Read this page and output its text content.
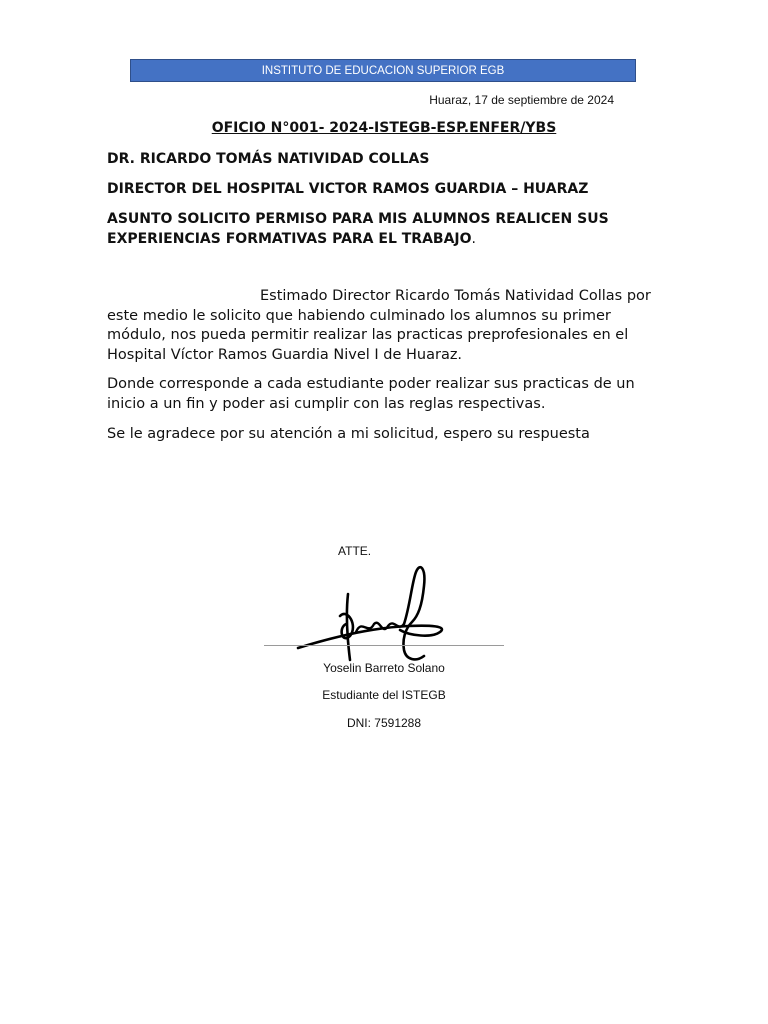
INSTITUTO DE EDUCACION SUPERIOR EGB
Huaraz, 17 de septiembre de 2024
OFICIO N°001- 2024-ISTEGB-ESP.ENFER/YBS
DR. RICARDO TOMÁS NATIVIDAD COLLAS
DIRECTOR DEL HOSPITAL VICTOR RAMOS GUARDIA – HUARAZ
ASUNTO SOLICITO PERMISO PARA MIS ALUMNOS REALICEN SUS EXPERIENCIAS FORMATIVAS PARA EL TRABAJO.
Estimado Director Ricardo Tomás Natividad Collas por este medio le solicito que habiendo culminado los alumnos su primer módulo, nos pueda permitir realizar las practicas preprofesionales en el Hospital Víctor Ramos Guardia Nivel I de Huaraz.
Donde corresponde a cada estudiante poder realizar sus practicas de un inicio a un fin y poder asi cumplir con las reglas respectivas.
Se le agradece por su atención a mi solicitud, espero su respuesta
ATTE.
Yoselin Barreto Solano
Estudiante del ISTEGB
DNI: 7591288
